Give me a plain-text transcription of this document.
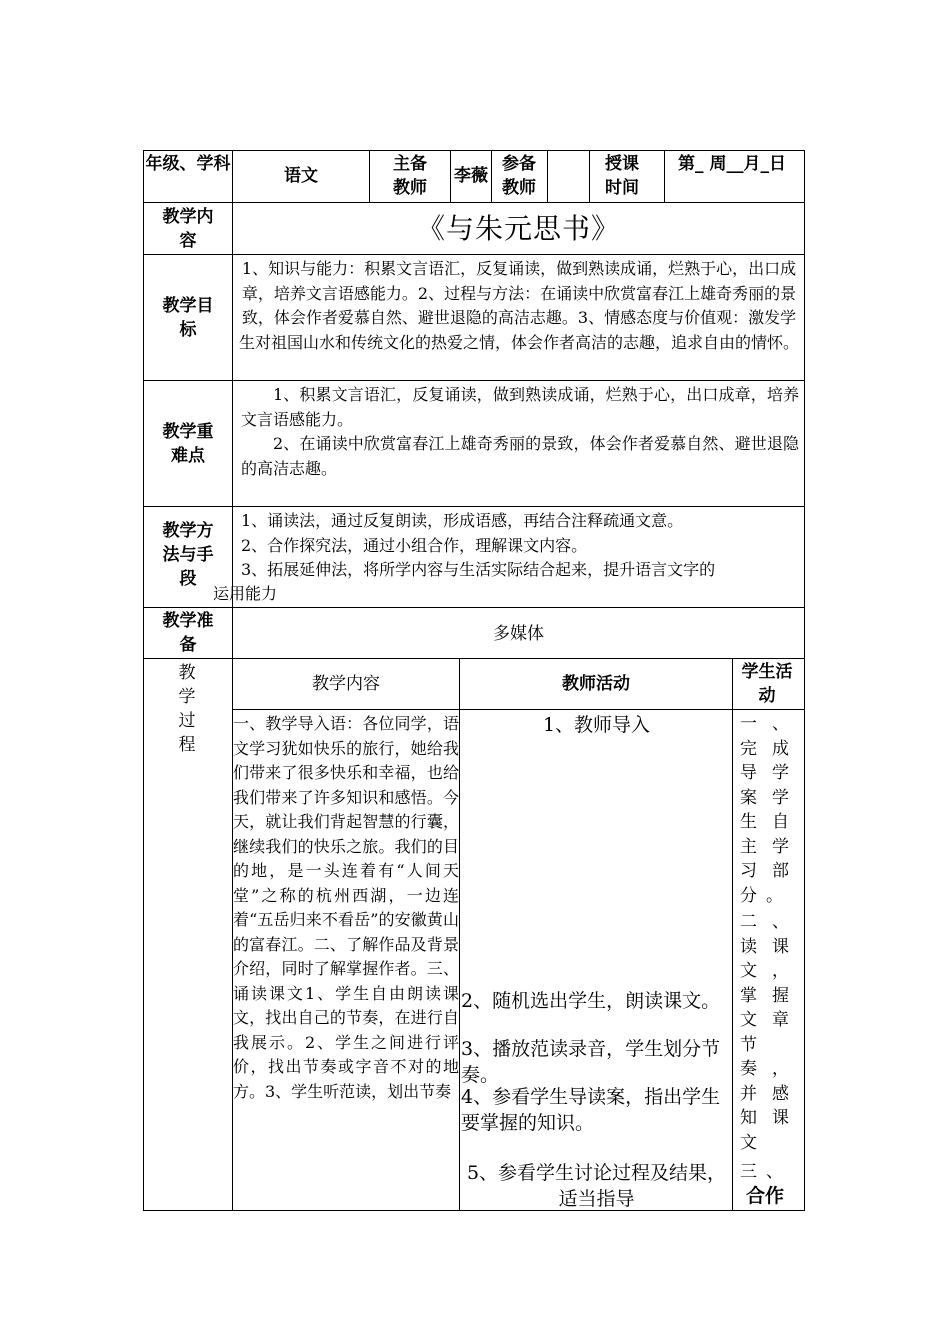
年级、学科
语文
主备教师
李薇
参备教师
授课时间
第_ 周__月_日
教学内容	《与朱元思书》
教学目标
1、知识与能力：积累文言语汇，反复诵读，做到熟读成诵，烂熟于心，出口成章，培养文言语感能力。2、过程与方法：在诵读中欣赏富春江上雄奇秀丽的景致，体会作者爱慕自然、避世退隐的高洁志趣。3、情感态度与价值观：激发学生对祖国山水和传统文化的热爱之情，体会作者高洁的志趣，追求自由的情怀。
教学重难点
1、积累文言语汇，反复诵读，做到熟读成诵，烂熟于心，出口成章，培养文言语感能力。
2、在诵读中欣赏富春江上雄奇秀丽的景致，体会作者爱慕自然、避世退隐的高洁志趣。
教学方法与手段
1、诵读法，通过反复朗读，形成语感，再结合注释疏通文意。
2、合作探究法，通过小组合作，理解课文内容。
3、拓展延伸法，将所学内容与生活实际结合起来，提升语言文字的
运用能力
教学准备
多媒体
教学过程
教学内容	教师活动
学生活动
一、教学导入语：各位同学，语文学习犹如快乐的旅行，她给我们带来了很多快乐和幸福，也给我们带来了许多知识和感悟。今天，就让我们背起智慧的行囊，继续我们的快乐之旅。我们的目的地，是一头连着有“人间天堂”之称的杭州西湖，一边连着“五岳归来不看岳”的安徽黄山的富春江。二、了解作品及背景介绍，同时了解掌握作者。三、诵读课文1、学生自由朗读课文，找出自己的节奏，在进行自我展示。2、学生之间进行评价，找出节奏或字音不对的地方。3、学生听范读，划出节奏
1、教师导入
2、随机选出学生，朗读课文。
3、播放范读录音，学生划分节奏。
4、参看学生导读案，指出学生要掌握的知识。
5、参看学生讨论过程及结果，适当指导
一、完成导学案学生自主学习部分。
二、读课文，掌握文章节奏，并感知课文
三、
合作
